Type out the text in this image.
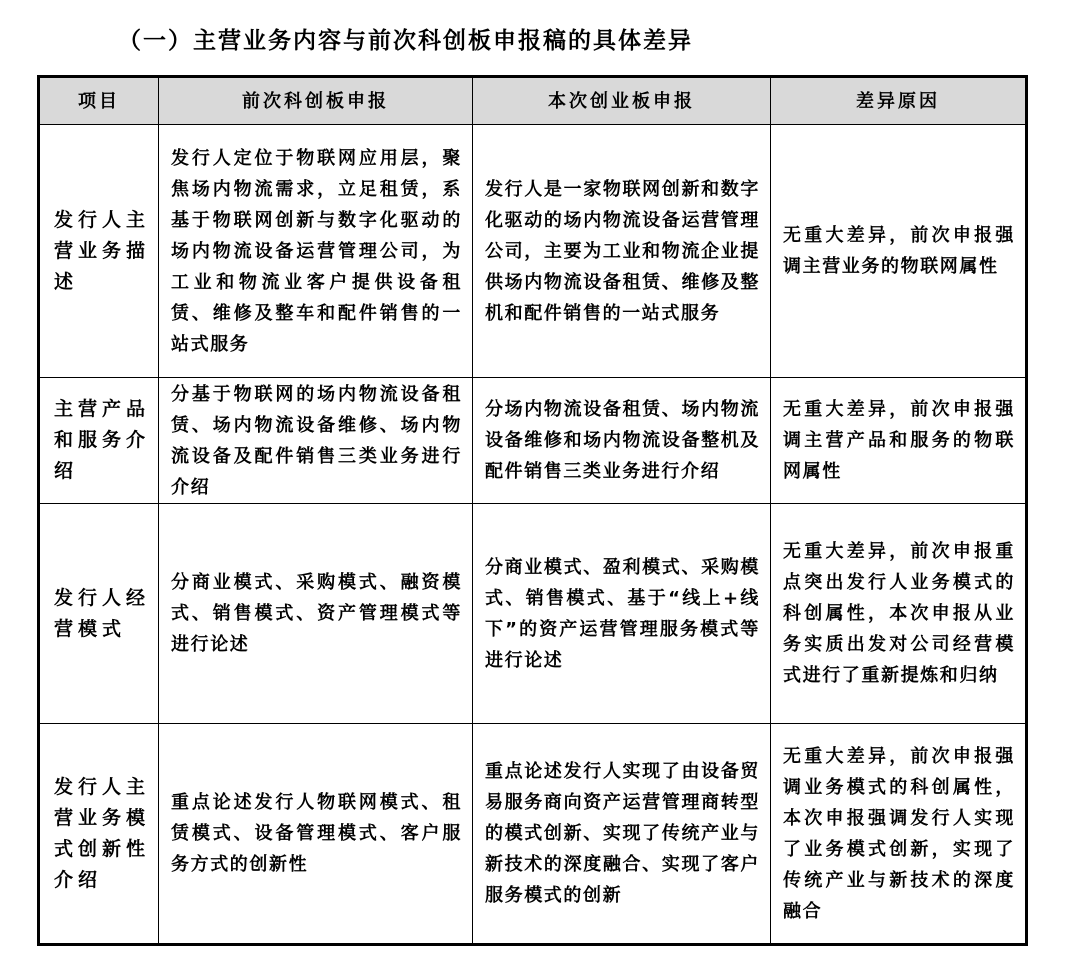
（一）主营业务内容与前次科创板申报稿的具体差异
项目	前次科创板申报	本次创业板申报	差异原因
发行人主营业务描述	发行人定位于物联网应用层，聚焦场内物流需求，立足租赁，系基于物联网创新与数字化驱动的场内物流设备运营管理公司，为工业和物流业客户提供设备租赁、维修及整车和配件销售的一站式服务	发行人是一家物联网创新和数字化驱动的场内物流设备运营管理公司，主要为工业和物流企业提供场内物流设备租赁、维修及整机和配件销售的一站式服务	无重大差异，前次申报强调主营业务的物联网属性
主营产品和服务介绍	分基于物联网的场内物流设备租赁、场内物流设备维修、场内物流设备及配件销售三类业务进行介绍	分场内物流设备租赁、场内物流设备维修和场内物流设备整机及配件销售三类业务进行介绍	无重大差异，前次申报强调主营产品和服务的物联网属性
发行人经营模式	分商业模式、采购模式、融资模式、销售模式、资产管理模式等进行论述	分商业模式、盈利模式、采购模式、销售模式、基于“线上+线下”的资产运营管理服务模式等进行论述	无重大差异，前次申报重点突出发行人业务模式的科创属性，本次申报从业务实质出发对公司经营模式进行了重新提炼和归纳
发行人主营业务模式创新性介绍	重点论述发行人物联网模式、租赁模式、设备管理模式、客户服务方式的创新性	重点论述发行人实现了由设备贸易服务商向资产运营管理商转型的模式创新、实现了传统产业与新技术的深度融合、实现了客户服务模式的创新	无重大差异，前次申报强调业务模式的科创属性，本次申报强调发行人实现了业务模式创新，实现了传统产业与新技术的深度融合
